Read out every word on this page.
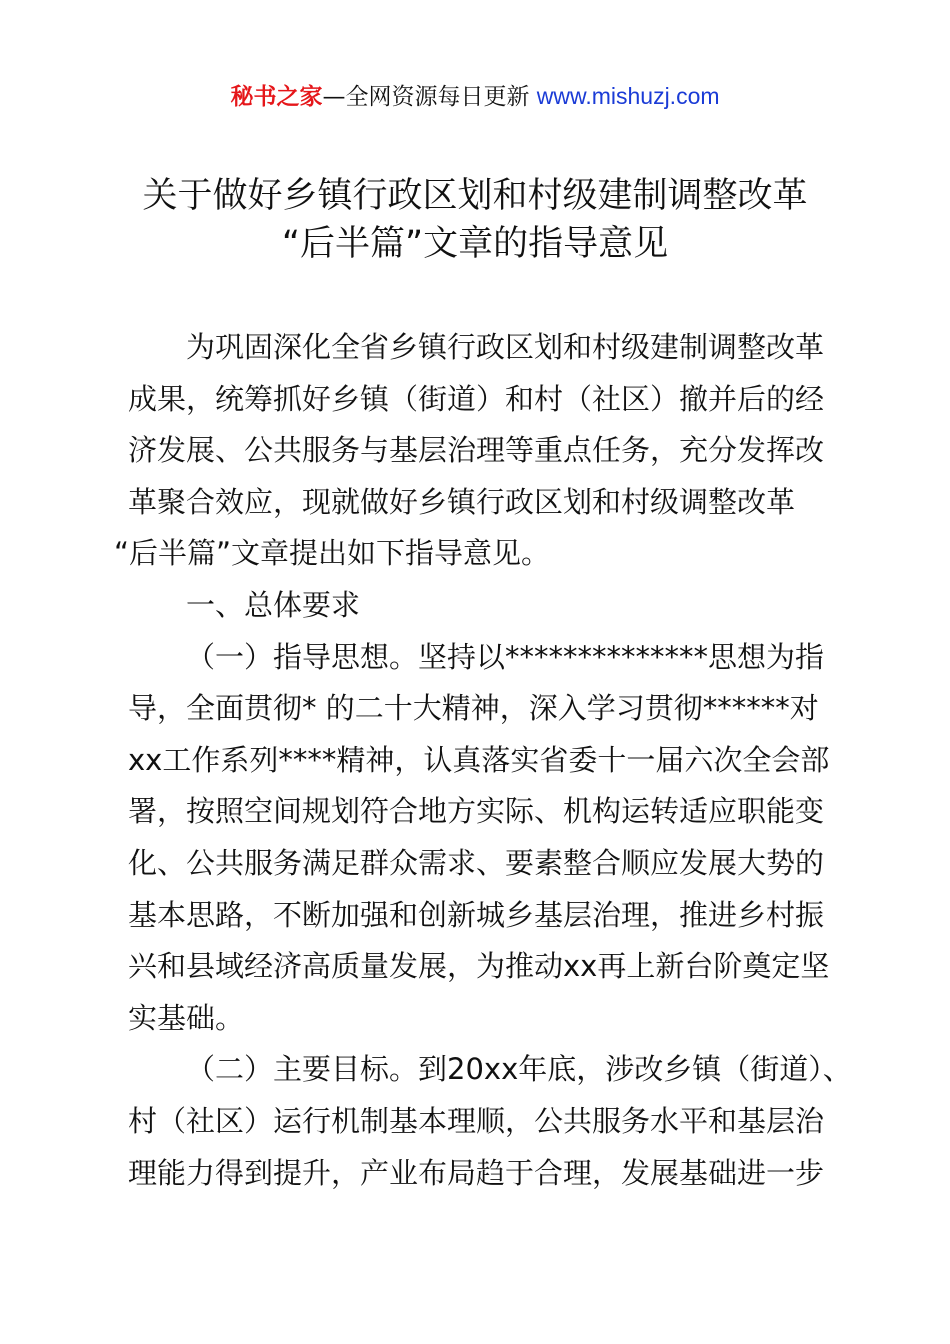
秘书之家—全网资源每日更新 www.mishuzj.com
关于做好乡镇行政区划和村级建制调整改革
“后半篇”文章的指导意见
为巩固深化全省乡镇行政区划和村级建制调整改革
成果，统筹抓好乡镇（街道）和村（社区）撤并后的经
济发展、公共服务与基层治理等重点任务，充分发挥改
革聚合效应，现就做好乡镇行政区划和村级调整改革
“后半篇”文章提出如下指导意见。
一、总体要求
（一）指导思想。坚持以**************思想为指
导，全面贯彻* 的二十大精神，深入学习贯彻******对
xx工作系列****精神，认真落实省委十一届六次全会部
署，按照空间规划符合地方实际、机构运转适应职能变
化、公共服务满足群众需求、要素整合顺应发展大势的
基本思路，不断加强和创新城乡基层治理，推进乡村振
兴和县域经济高质量发展，为推动xx再上新台阶奠定坚
实基础。
（二）主要目标。到20xx年底，涉改乡镇（街道）、
村（社区）运行机制基本理顺，公共服务水平和基层治
理能力得到提升，产业布局趋于合理，发展基础进一步
